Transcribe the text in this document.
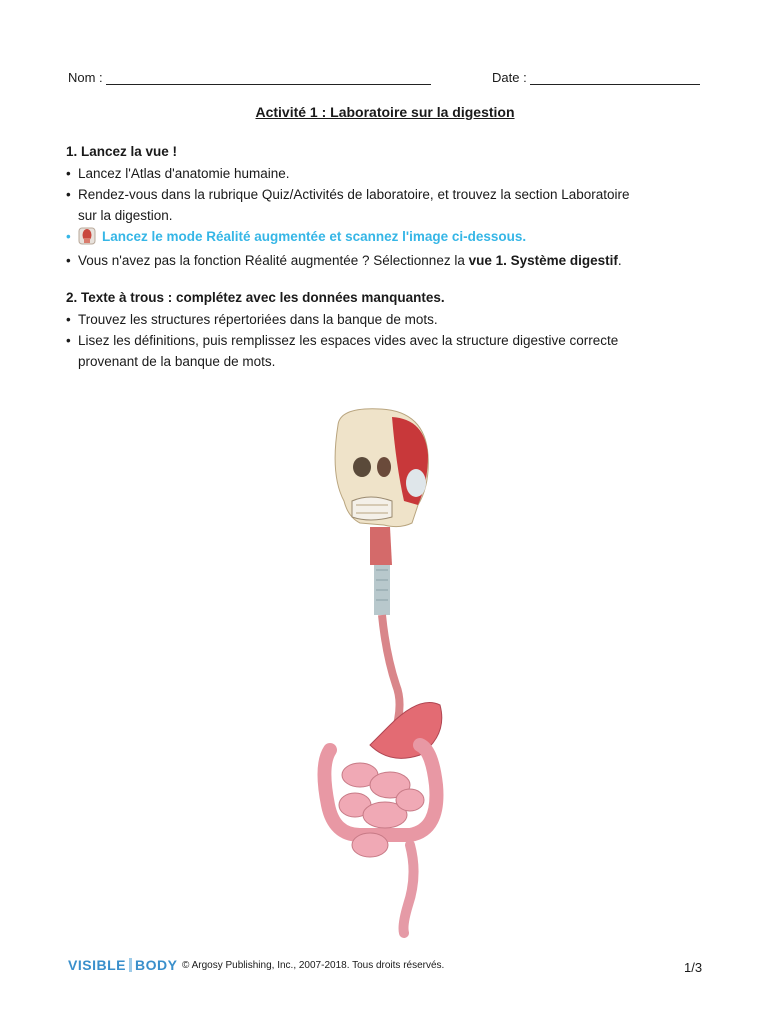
Nom :	Date :
Activité 1 : Laboratoire sur la digestion
1. Lancez la vue !
• Lancez l'Atlas d'anatomie humaine.
• Rendez-vous dans la rubrique Quiz/Activités de laboratoire, et trouvez la section Laboratoire
sur la digestion.
•	Lancez le mode Réalité augmentée et scannez l'image ci-dessous.
• Vous n'avez pas la fonction Réalité augmentée ? Sélectionnez la vue 1. Système digestif.
2. Texte à trous : complétez avec les données manquantes.
• Trouvez les structures répertoriées dans la banque de mots.
• Lisez les définitions, puis remplissez les espaces vides avec la structure digestive correcte
provenant de la banque de mots.
VISIBLE BODY © Argosy Publishing, Inc., 2007-2018. Tous droits réservés.	1/3
